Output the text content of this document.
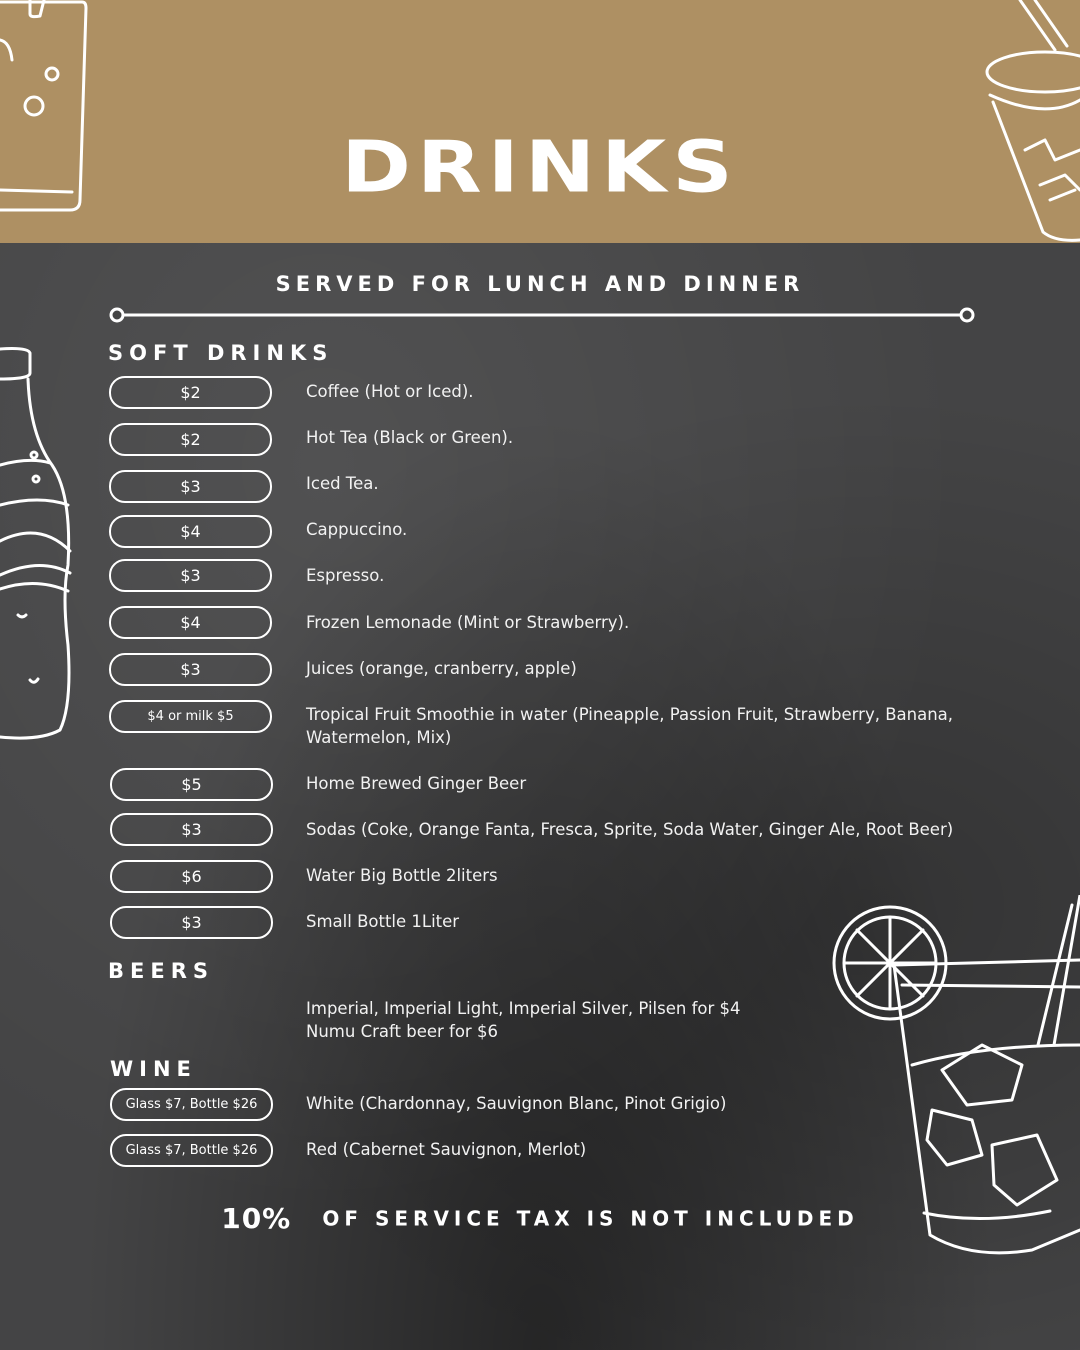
DRINKS
SERVED FOR LUNCH AND DINNER
SOFT DRINKS
$2	Coffee (Hot or Iced).
$2	Hot Tea (Black or Green).
$3	Iced Tea.
$4	Cappuccino.
$3	Espresso.
$4	Frozen Lemonade (Mint or Strawberry).
$3	Juices (orange, cranberry, apple)
$4 or milk $5	Tropical Fruit Smoothie in water (Pineapple, Passion Fruit, Strawberry, Banana, Watermelon, Mix)
$5	Home Brewed Ginger Beer
$3	Sodas (Coke, Orange Fanta, Fresca, Sprite, Soda Water, Ginger Ale, Root Beer)
$6	Water Big Bottle 2liters
$3	Small Bottle 1Liter
BEERS
Imperial, Imperial Light, Imperial Silver, Pilsen for $4
Numu Craft beer for $6
WINE
Glass $7, Bottle $26	White (Chardonnay, Sauvignon Blanc, Pinot Grigio)
Glass $7, Bottle $26	Red (Cabernet Sauvignon, Merlot)
10% OF SERVICE TAX IS NOT INCLUDED
